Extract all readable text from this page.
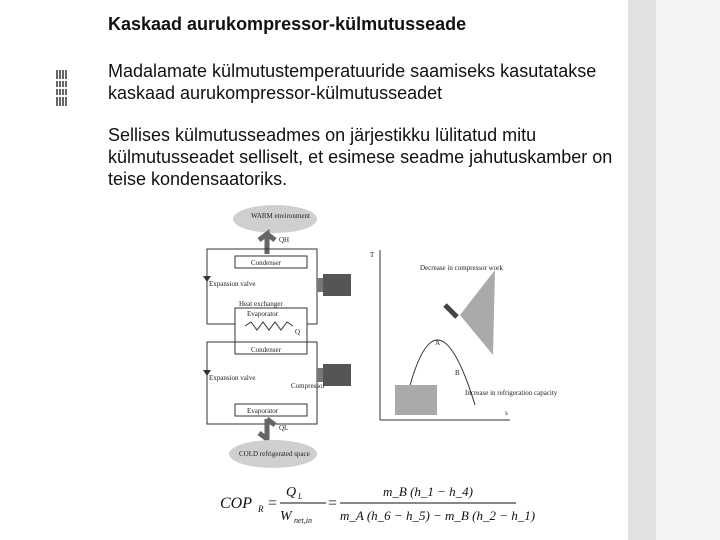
Kaskaad aurukompressor-külmutusseade
Madalamate külmutustemperatuuride saamiseks kasutatakse kaskaad aurukompressor-külmutusseadet
Sellises külmutusseadmes on järjestikku lülitatud mitu külmutusseadet selliselt, et esimese seadme jahutuskamber on teise kondensaatoriks.
WARM environment
QH
Condenser
Heat exchanger
Evaporator
Q
Condenser
Expansion valve
Compressor
Expansion valve
Evaporator
QL
COLD refrigerated space
T
s
Decrease in compressor work
Increase in refrigeration capacity
A
B
COP R =
Q L
W net,in
=
m_B (h_1 − h_4)
m_A (h_6 − h_5) − m_B (h_2 − h_1)
